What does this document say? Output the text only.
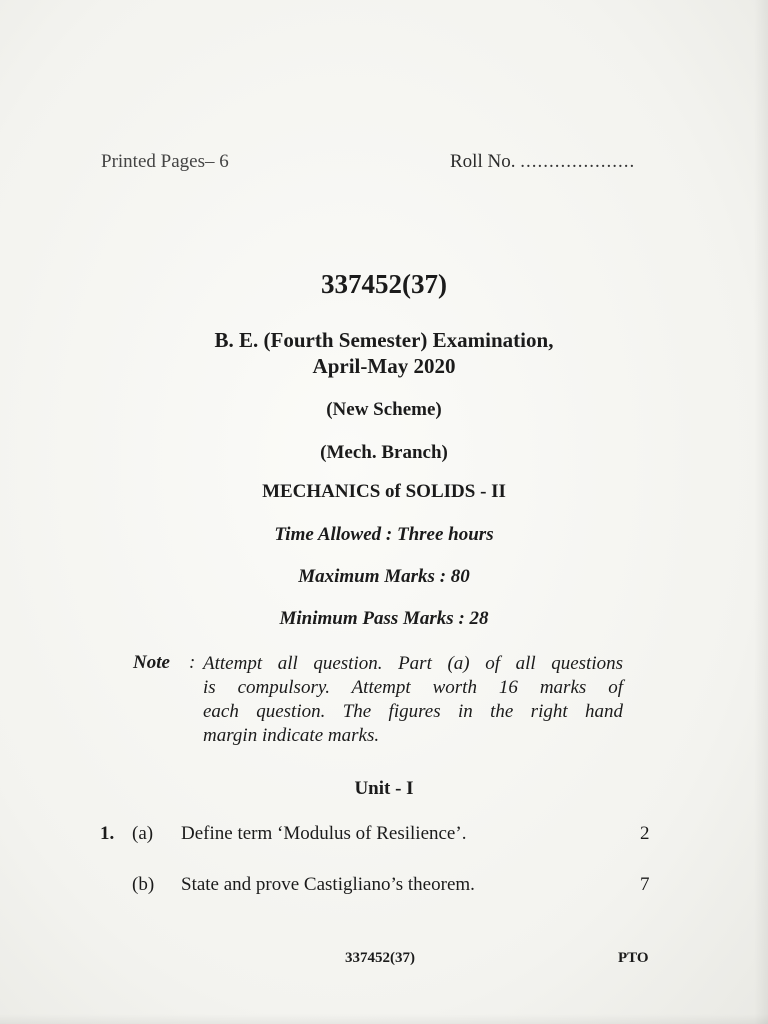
Printed Pages– 6	Roll No. ....................
337452(37)
B. E. (Fourth Semester) Examination,
April-May 2020
(New Scheme)
(Mech. Branch)
MECHANICS of SOLIDS - II
Time Allowed : Three hours
Maximum Marks : 80
Minimum Pass Marks : 28
Note : Attempt all question. Part (a) of all questions
is compulsory. Attempt worth 16 marks of
each question. The figures in the right hand
margin indicate marks.
Unit - I
1. (a) Define term ‘Modulus of Resilience’.	2
(b) State and prove Castigliano’s theorem.	7
337452(37)	PTO
